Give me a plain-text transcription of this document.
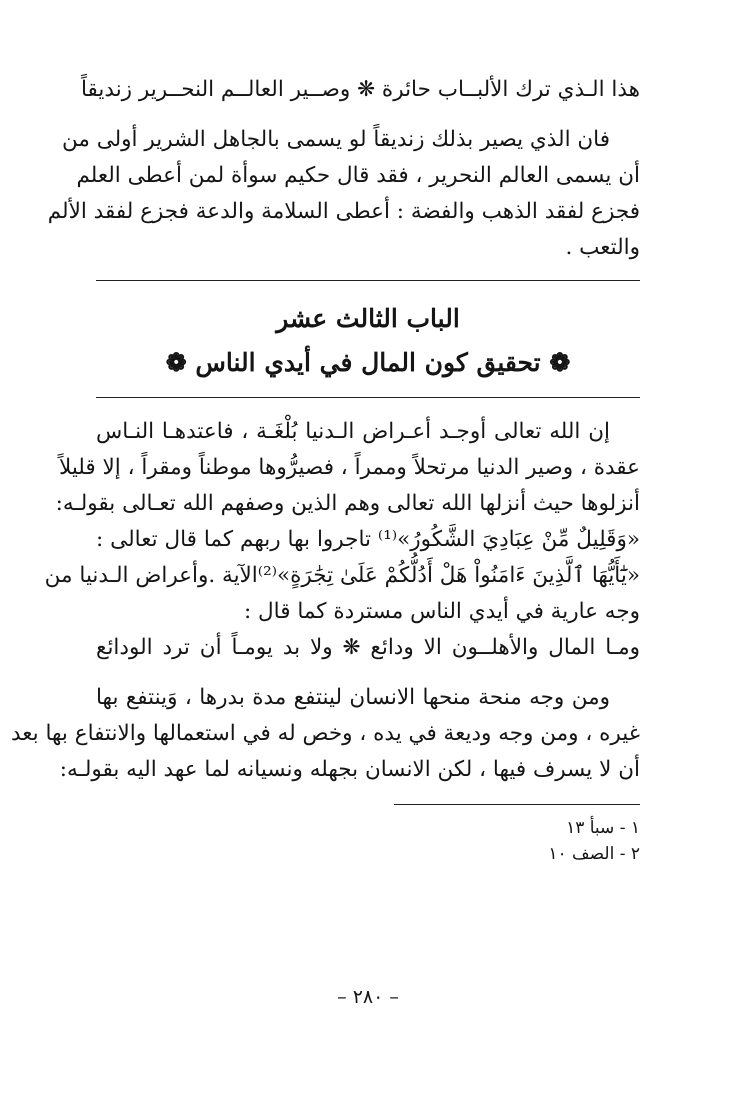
هذا الـذي ترك الألبــاب حائرة ❋ وصــير العالــم النحــرير زنديقاً
فان الذي يصير بذلك زنديقاً لو يسمى بالجاهل الشرير أولى من
أن يسمى العالم النحرير ، فقد قال حكيم سوأة لمن أعطى العلم
فجزع لفقد الذهب والفضة : أعطى السلامة والدعة فجزع لفقد الألم
والتعب .
الباب الثالث عشر
❁ تحقيق كون المال في أيدي الناس ❁
إن الله تعالى أوجـد أعـراض الـدنيا بُلْغَـة ، فاعتدهـا النـاس
عقدة ، وصير الدنيا مرتحلاً وممراً ، فصيرُّوها موطناً ومقراً ، إلا قليلاً
أنزلوها حيث أنزلها الله تعالى وهم الذين وصفهم الله تعـالى بقولـه:
«وَقَلِيلٌ مِّنْ عِبَادِيَ الشَّكُورُ»⁽¹⁾ تاجروا بها ربهم كما قال تعالى :
«يَٰٓأَيُّهَا ٱلَّذِينَ ءَامَنُواْ هَلْ أَدُلُّكُمْ عَلَىٰ تِجَٰرَةٍ»⁽²⁾الآية .وأعراض الـدنيا من
وجه عارية في أيدي الناس مستردة كما قال :
ومـا المال والأهلــون الا ودائع ❋ ولا بد يومـاً أن ترد الودائع
ومن وجه منحة منحها الانسان لينتفع مدة بدرها ، وَينتفع بها
غيره ، ومن وجه وديعة في يده ، وخص له في استعمالها والانتفاع بها بعد
أن لا يسرف فيها ، لكن الانسان بجهله ونسيانه لما عهد اليه بقولـه:
١ - سبأ ١٣
٢ - الصف ١٠
– ٢٨٠ –
